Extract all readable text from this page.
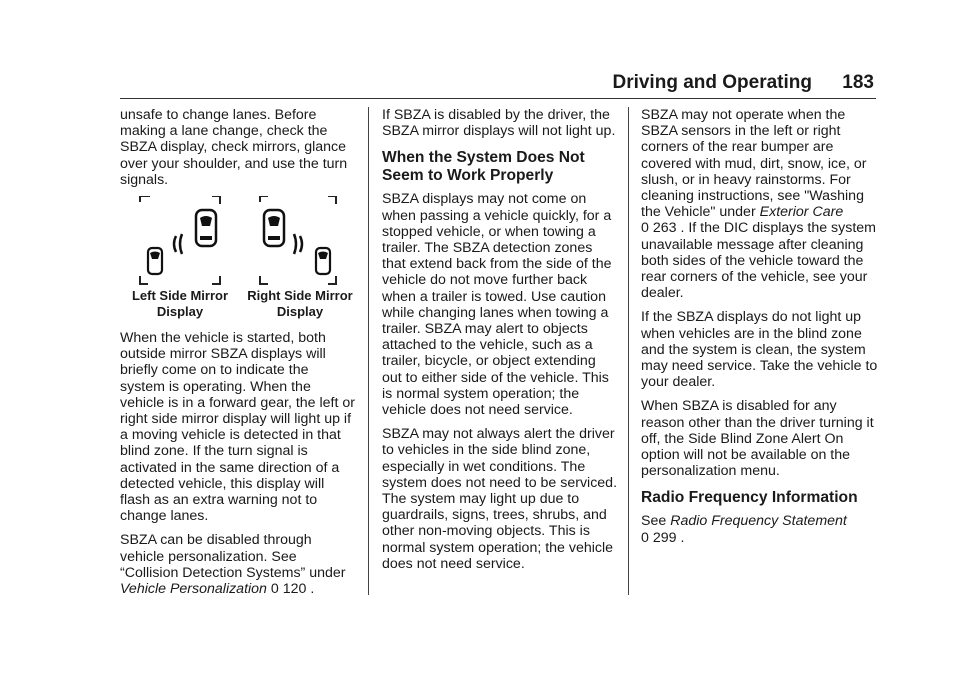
Driving and Operating 183

unsafe to change lanes. Before making a lane change, check the SBZA display, check mirrors, glance over your shoulder, and use the turn signals.

Left Side Mirror Display
Right Side Mirror Display

When the vehicle is started, both outside mirror SBZA displays will briefly come on to indicate the system is operating. When the vehicle is in a forward gear, the left or right side mirror display will light up if a moving vehicle is detected in that blind zone. If the turn signal is activated in the same direction of a detected vehicle, this display will flash as an extra warning not to change lanes.

SBZA can be disabled through vehicle personalization. See “Collision Detection Systems” under
Vehicle Personalization 0 120 .

If SBZA is disabled by the driver, the SBZA mirror displays will not light up.

When the System Does Not Seem to Work Properly

SBZA displays may not come on when passing a vehicle quickly, for a stopped vehicle, or when towing a trailer. The SBZA detection zones that extend back from the side of the vehicle do not move further back when a trailer is towed. Use caution while changing lanes when towing a trailer. SBZA may alert to objects attached to the vehicle, such as a trailer, bicycle, or object extending out to either side of the vehicle. This is normal system operation; the vehicle does not need service.

SBZA may not always alert the driver to vehicles in the side blind zone, especially in wet conditions. The system does not need to be serviced. The system may light up due to guardrails, signs, trees, shrubs, and other non-moving objects. This is normal system operation; the vehicle does not need service.

SBZA may not operate when the SBZA sensors in the left or right corners of the rear bumper are covered with mud, dirt, snow, ice, or slush, or in heavy rainstorms. For cleaning instructions, see "Washing the Vehicle" under Exterior Care
0 263 . If the DIC displays the system unavailable message after cleaning both sides of the vehicle toward the rear corners of the vehicle, see your dealer.

If the SBZA displays do not light up when vehicles are in the blind zone and the system is clean, the system may need service. Take the vehicle to your dealer.

When SBZA is disabled for any reason other than the driver turning it off, the Side Blind Zone Alert On option will not be available on the personalization menu.

Radio Frequency Information

See Radio Frequency Statement
0 299 .
